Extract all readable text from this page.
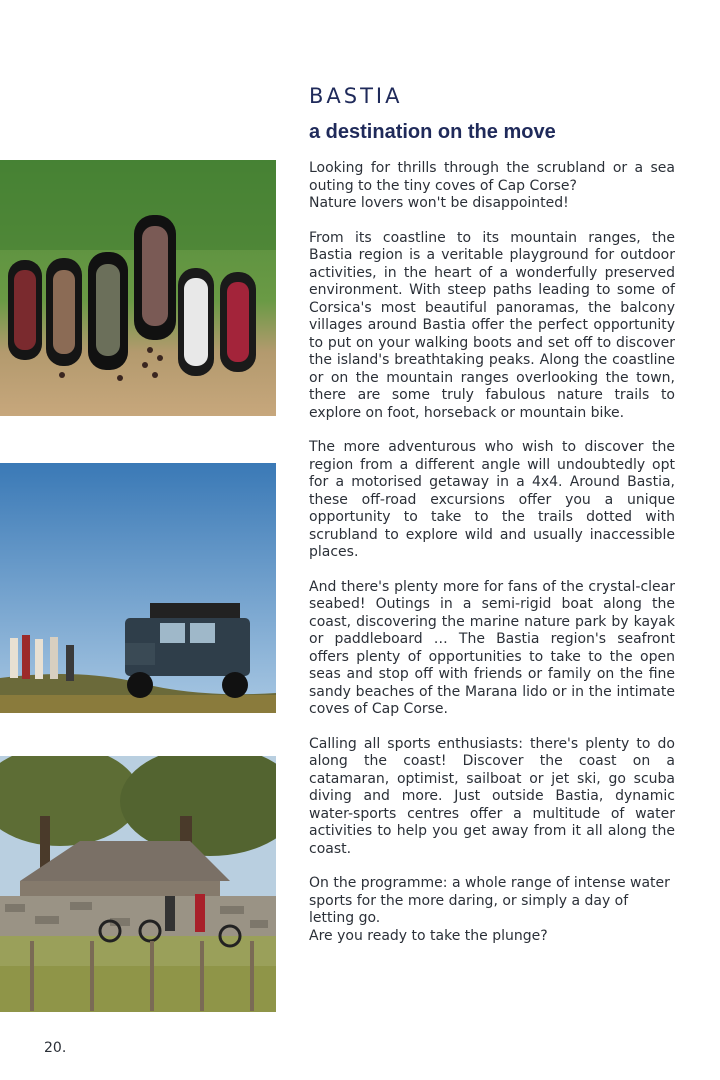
BASTIA
a destination on the move

Looking for thrills through the scrubland or a sea outing to the tiny coves of Cap Corse?
Nature lovers won't be disappointed!

From its coastline to its mountain ranges, the Bastia region is a veritable playground for outdoor activities, in the heart of a wonderfully preserved environment. With steep paths leading to some of Corsica's most beautiful panoramas, the balcony villages around Bastia offer the perfect opportunity to put on your walking boots and set off to discover the island's breathtaking peaks. Along the coastline or on the mountain ranges overlooking the town, there are some truly fabulous nature trails to explore on foot, horseback or mountain bike.

The more adventurous who wish to discover the region from a different angle will undoubtedly opt for a motorised getaway in a 4x4. Around Bastia, these off-road excursions offer you a unique opportunity to take to the trails dotted with scrubland to explore wild and usually inaccessible places.

And there's plenty more for fans of the crystal-clear seabed! Outings in a semi-rigid boat along the coast, discovering the marine nature park by kayak or paddleboard … The Bastia region's seafront offers plenty of opportunities to take to the open seas and stop off with friends or family on the fine sandy beaches of the Marana lido or in the intimate coves of Cap Corse.

Calling all sports enthusiasts: there's plenty to do along the coast! Discover the coast on a catamaran, optimist, sailboat or jet ski, go scuba diving and more. Just outside Bastia, dynamic water-sports centres offer a multitude of water activities to help you get away from it all along the coast.

On the programme: a whole range of intense water sports for the more daring, or simply a day of letting go.
Are you ready to take the plunge?

20.
